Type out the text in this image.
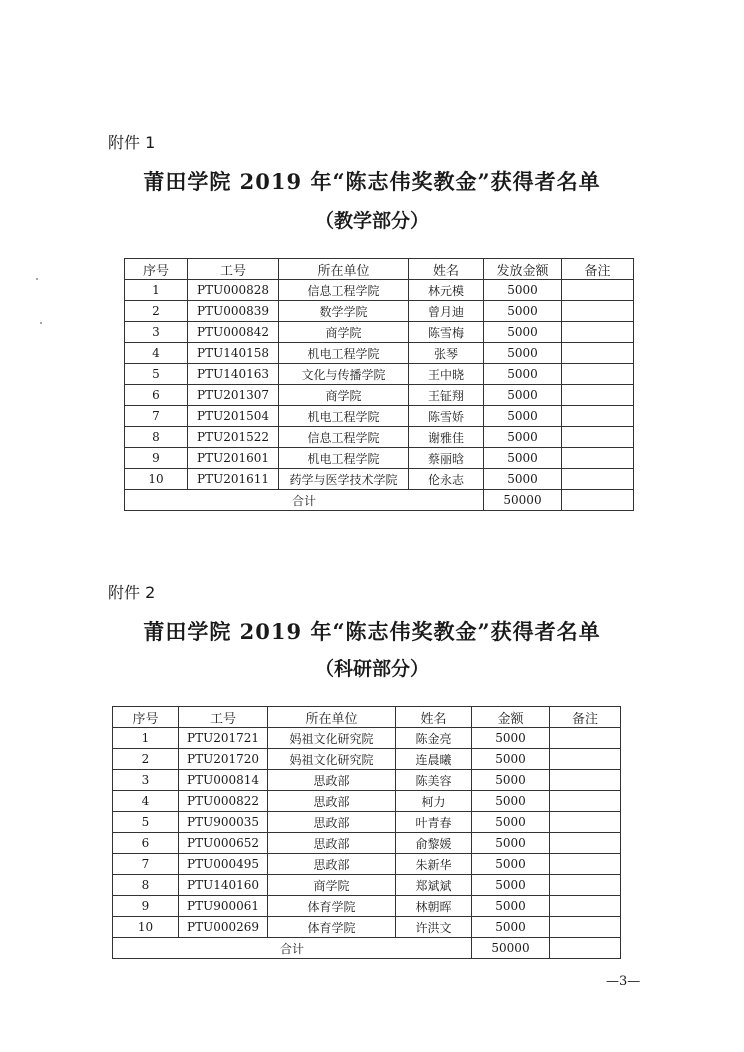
附件 1
莆田学院 2019 年“陈志伟奖教金”获得者名单
（教学部分）
序号	工号	所在单位	姓名	发放金额	备注
1	PTU000828	信息工程学院	林元模	5000	
2	PTU000839	数学学院	曾月迪	5000	
3	PTU000842	商学院	陈雪梅	5000	
4	PTU140158	机电工程学院	张琴	5000	
5	PTU140163	文化与传播学院	王中晓	5000	
6	PTU201307	商学院	王钲翔	5000	
7	PTU201504	机电工程学院	陈雪娇	5000	
8	PTU201522	信息工程学院	谢雅佳	5000	
9	PTU201601	机电工程学院	蔡丽晗	5000	
10	PTU201611	药学与医学技术学院	伦永志	5000	
合计				50000	
附件 2
莆田学院 2019 年“陈志伟奖教金”获得者名单
（科研部分）
序号	工号	所在单位	姓名	金额	备注
1	PTU201721	妈祖文化研究院	陈金亮	5000	
2	PTU201720	妈祖文化研究院	连晨曦	5000	
3	PTU000814	思政部	陈美容	5000	
4	PTU000822	思政部	柯力	5000	
5	PTU900035	思政部	叶青春	5000	
6	PTU000652	思政部	俞黎媛	5000	
7	PTU000495	思政部	朱新华	5000	
8	PTU140160	商学院	郑斌斌	5000	
9	PTU900061	体育学院	林朝晖	5000	
10	PTU000269	体育学院	许洪文	5000	
合计				50000	
—3—
